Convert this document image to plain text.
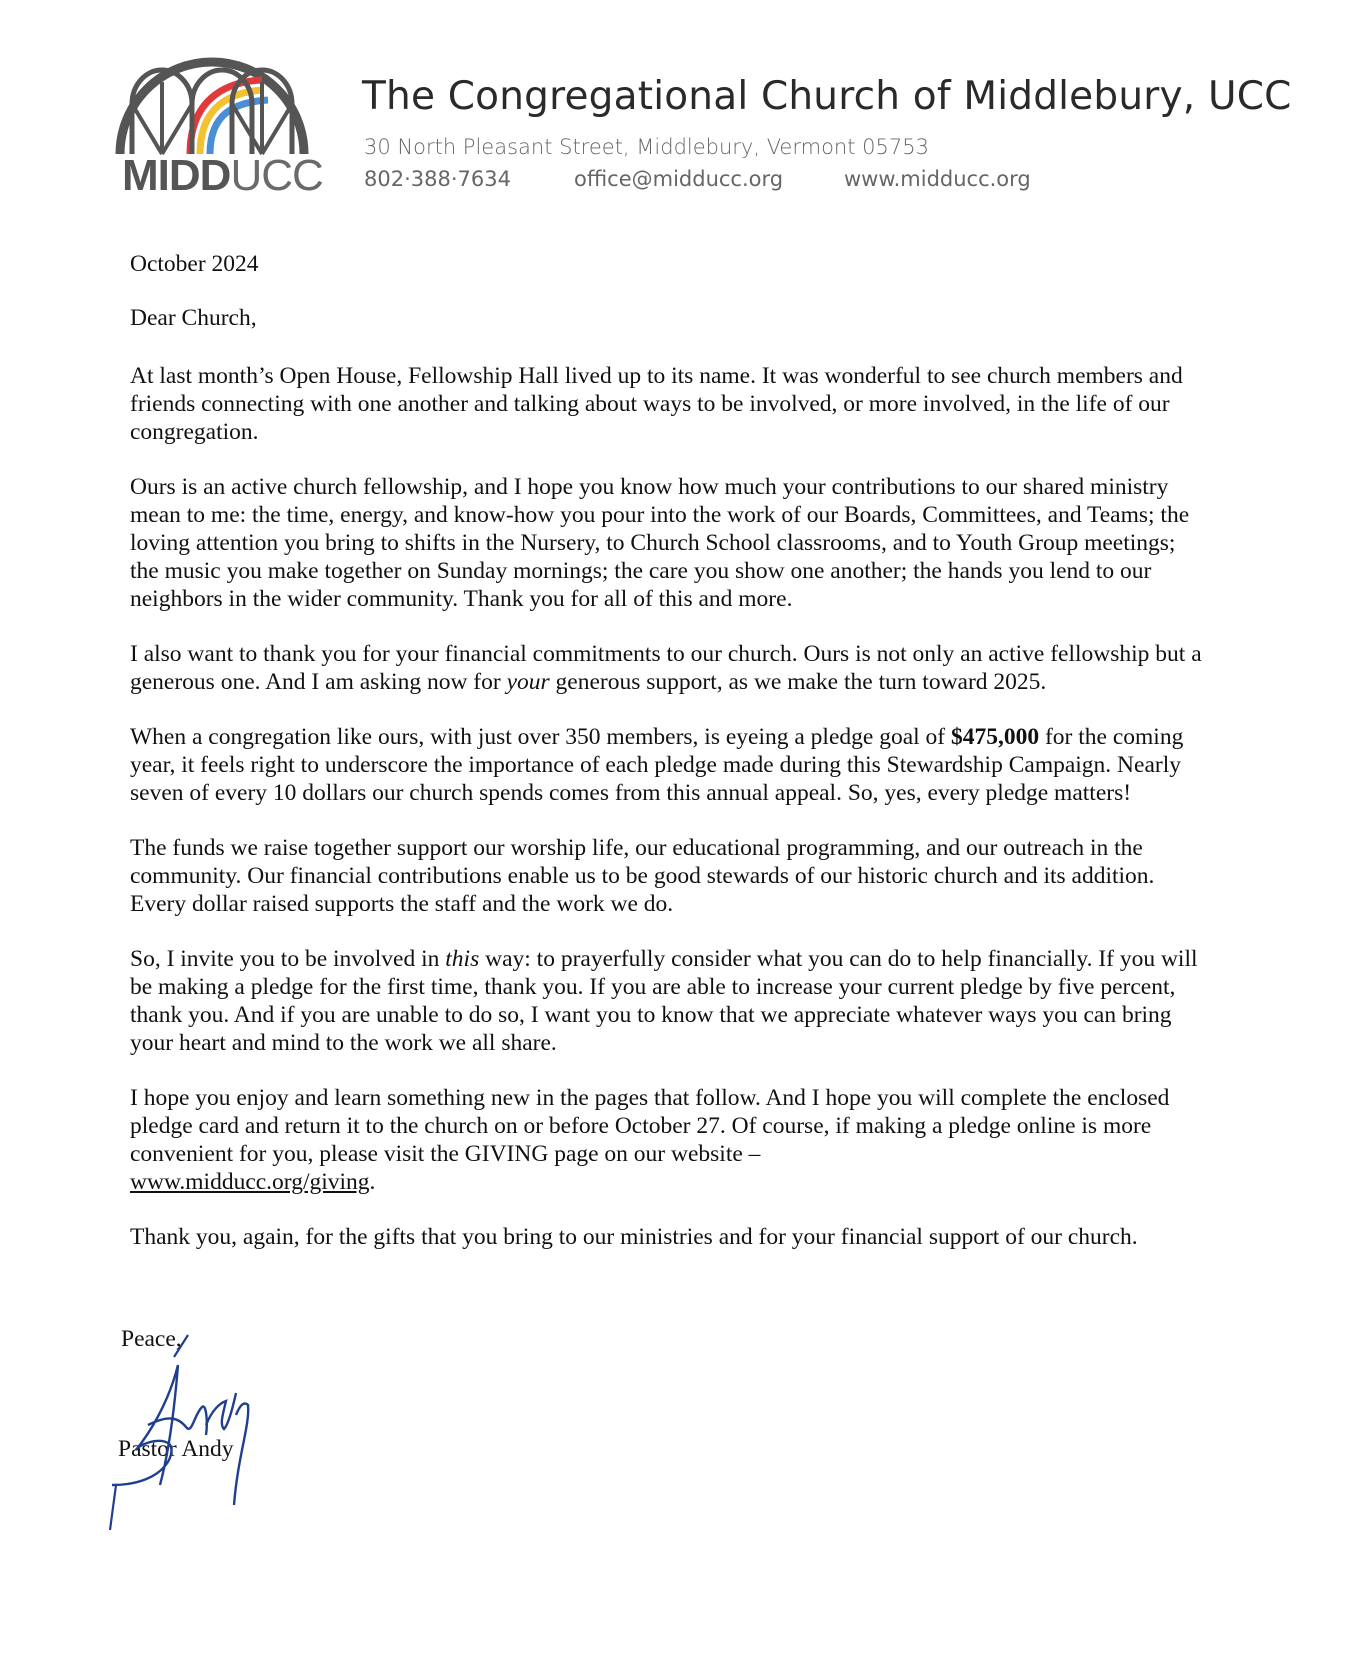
MIDDUCC
The Congregational Church of Middlebury, UCC
30 North Pleasant Street, Middlebury, Vermont 05753
802·388·7634	office@midducc.org	www.midducc.org

October 2024

Dear Church,

At last month’s Open House, Fellowship Hall lived up to its name. It was wonderful to see church members and friends connecting with one another and talking about ways to be involved, or more involved, in the life of our congregation.

Ours is an active church fellowship, and I hope you know how much your contributions to our shared ministry mean to me: the time, energy, and know-how you pour into the work of our Boards, Committees, and Teams; the loving attention you bring to shifts in the Nursery, to Church School classrooms, and to Youth Group meetings; the music you make together on Sunday mornings; the care you show one another; the hands you lend to our neighbors in the wider community. Thank you for all of this and more.

I also want to thank you for your financial commitments to our church. Ours is not only an active fellowship but a generous one. And I am asking now for your generous support, as we make the turn toward 2025.

When a congregation like ours, with just over 350 members, is eyeing a pledge goal of $475,000 for the coming year, it feels right to underscore the importance of each pledge made during this Stewardship Campaign. Nearly seven of every 10 dollars our church spends comes from this annual appeal. So, yes, every pledge matters!

The funds we raise together support our worship life, our educational programming, and our outreach in the community. Our financial contributions enable us to be good stewards of our historic church and its addition. Every dollar raised supports the staff and the work we do.

So, I invite you to be involved in this way: to prayerfully consider what you can do to help financially. If you will be making a pledge for the first time, thank you. If you are able to increase your current pledge by five percent, thank you. And if you are unable to do so, I want you to know that we appreciate whatever ways you can bring your heart and mind to the work we all share.

I hope you enjoy and learn something new in the pages that follow. And I hope you will complete the enclosed pledge card and return it to the church on or before October 27. Of course, if making a pledge online is more convenient for you, please visit the GIVING page on our website –
www.midducc.org/giving.

Thank you, again, for the gifts that you bring to our ministries and for your financial support of our church.

Peace,
Pastor Andy
